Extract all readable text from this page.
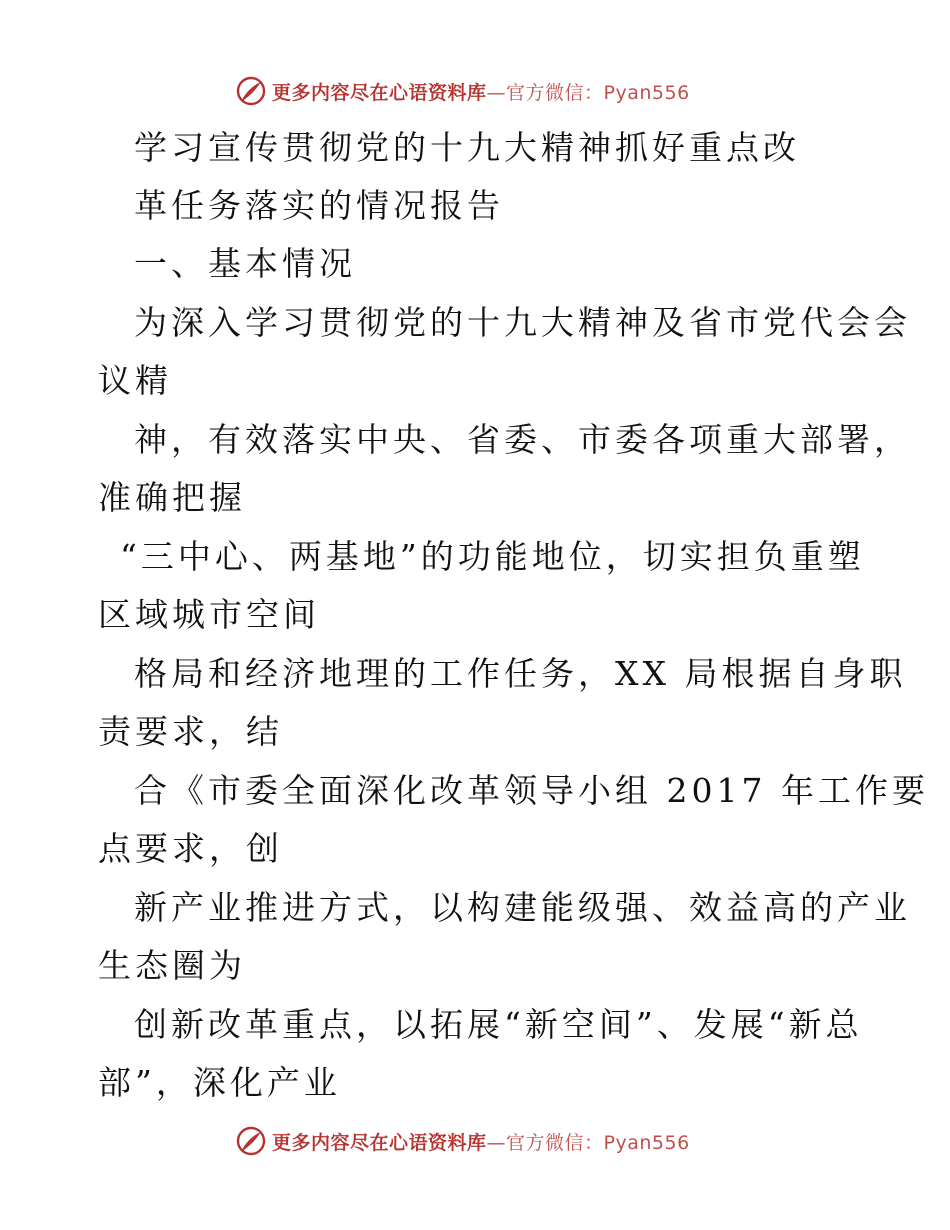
更多内容尽在心语资料库 —官方微信：Pyan556
学习宣传贯彻党的十九大精神抓好重点改
革任务落实的情况报告
一、基本情况
为深入学习贯彻党的十九大精神及省市党代会会
议精
神，有效落实中央、省委、市委各项重大部署，
准确把握
“三中心、两基地”的功能地位，切实担负重塑
区域城市空间
格局和经济地理的工作任务，XX 局根据自身职
责要求，结
合《市委全面深化改革领导小组 2017 年工作要
点要求，创
新产业推进方式，以构建能级强、效益高的产业
生态圈为
创新改革重点，以拓展“新空间”、发展“新总
部”，深化产业
更多内容尽在心语资料库 —官方微信：Pyan556
